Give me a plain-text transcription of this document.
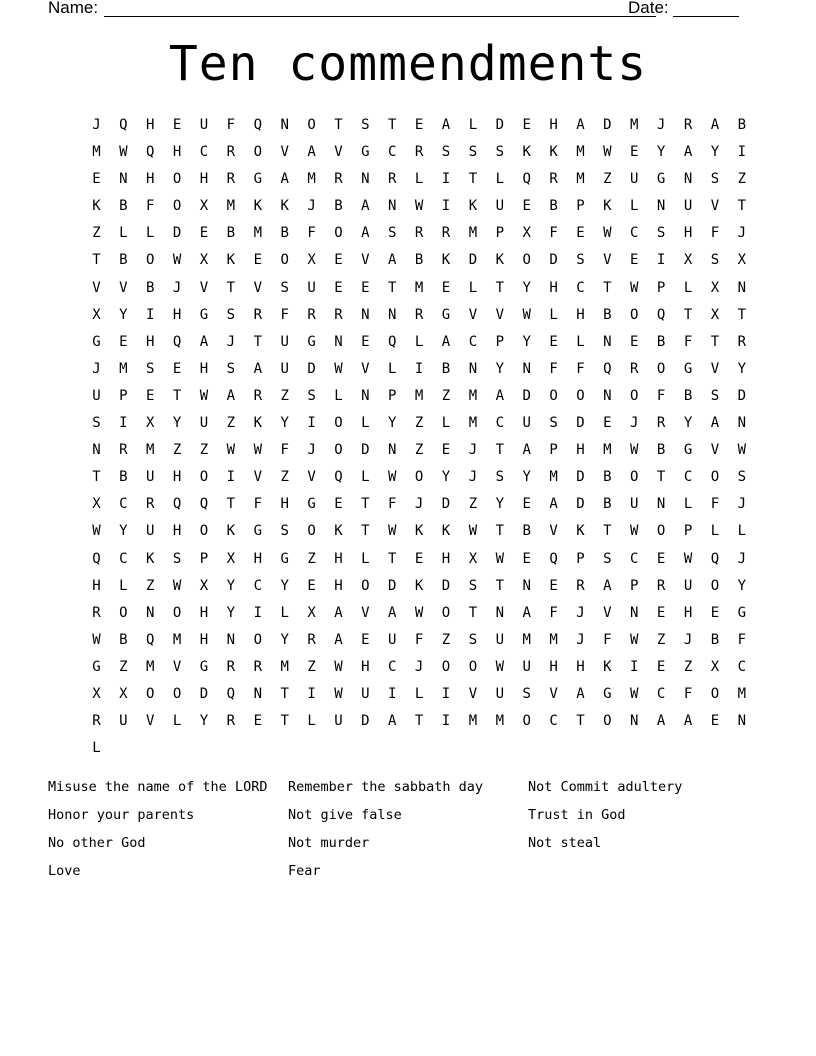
Name:	Date:
Ten commendments
J	Q	H	E	U	F	Q	N	O	T	S	T	E	A	L	D	E	H	A	D	M	J	R	A	B
M	W	Q	H	C	R	O	V	A	V	G	C	R	S	S	S	K	K	M	W	E	Y	A	Y	I
E	N	H	O	H	R	G	A	M	R	N	R	L	I	T	L	Q	R	M	Z	U	G	N	S	Z
K	B	F	O	X	M	K	K	J	B	A	N	W	I	K	U	E	B	P	K	L	N	U	V	T
Z	L	L	D	E	B	M	B	F	O	A	S	R	R	M	P	X	F	E	W	C	S	H	F	J
T	B	O	W	X	K	E	O	X	E	V	A	B	K	D	K	O	D	S	V	E	I	X	S	X
V	V	B	J	V	T	V	S	U	E	E	T	M	E	L	T	Y	H	C	T	W	P	L	X	N
X	Y	I	H	G	S	R	F	R	R	N	N	R	G	V	V	W	L	H	B	O	Q	T	X	T
G	E	H	Q	A	J	T	U	G	N	E	Q	L	A	C	P	Y	E	L	N	E	B	F	T	R
J	M	S	E	H	S	A	U	D	W	V	L	I	B	N	Y	N	F	F	Q	R	O	G	V	Y
U	P	E	T	W	A	R	Z	S	L	N	P	M	Z	M	A	D	O	O	N	O	F	B	S	D
S	I	X	Y	U	Z	K	Y	I	O	L	Y	Z	L	M	C	U	S	D	E	J	R	Y	A	N
N	R	M	Z	Z	W	W	F	J	O	D	N	Z	E	J	T	A	P	H	M	W	B	G	V	W
T	B	U	H	O	I	V	Z	V	Q	L	W	O	Y	J	S	Y	M	D	B	O	T	C	O	S
X	C	R	Q	Q	T	F	H	G	E	T	F	J	D	Z	Y	E	A	D	B	U	N	L	F	J
W	Y	U	H	O	K	G	S	O	K	T	W	K	K	W	T	B	V	K	T	W	O	P	L	L
Q	C	K	S	P	X	H	G	Z	H	L	T	E	H	X	W	E	Q	P	S	C	E	W	Q	J
H	L	Z	W	X	Y	C	Y	E	H	O	D	K	D	S	T	N	E	R	A	P	R	U	O	Y
R	O	N	O	H	Y	I	L	X	A	V	A	W	O	T	N	A	F	J	V	N	E	H	E	G
W	B	Q	M	H	N	O	Y	R	A	E	U	F	Z	S	U	M	M	J	F	W	Z	J	B	F
G	Z	M	V	G	R	R	M	Z	W	H	C	J	O	O	W	U	H	H	K	I	E	Z	X	C
X	X	O	O	D	Q	N	T	I	W	U	I	L	I	V	U	S	V	A	G	W	C	F	O	M
R	U	V	L	Y	R	E	T	L	U	D	A	T	I	M	M	O	C	T	O	N	A	A	E	N
L
Misuse the name of the LORD	Remember the sabbath day	Not Commit adultery
Honor your parents	Not give false	Trust in God
No other God	Not murder	Not steal
Love	Fear
